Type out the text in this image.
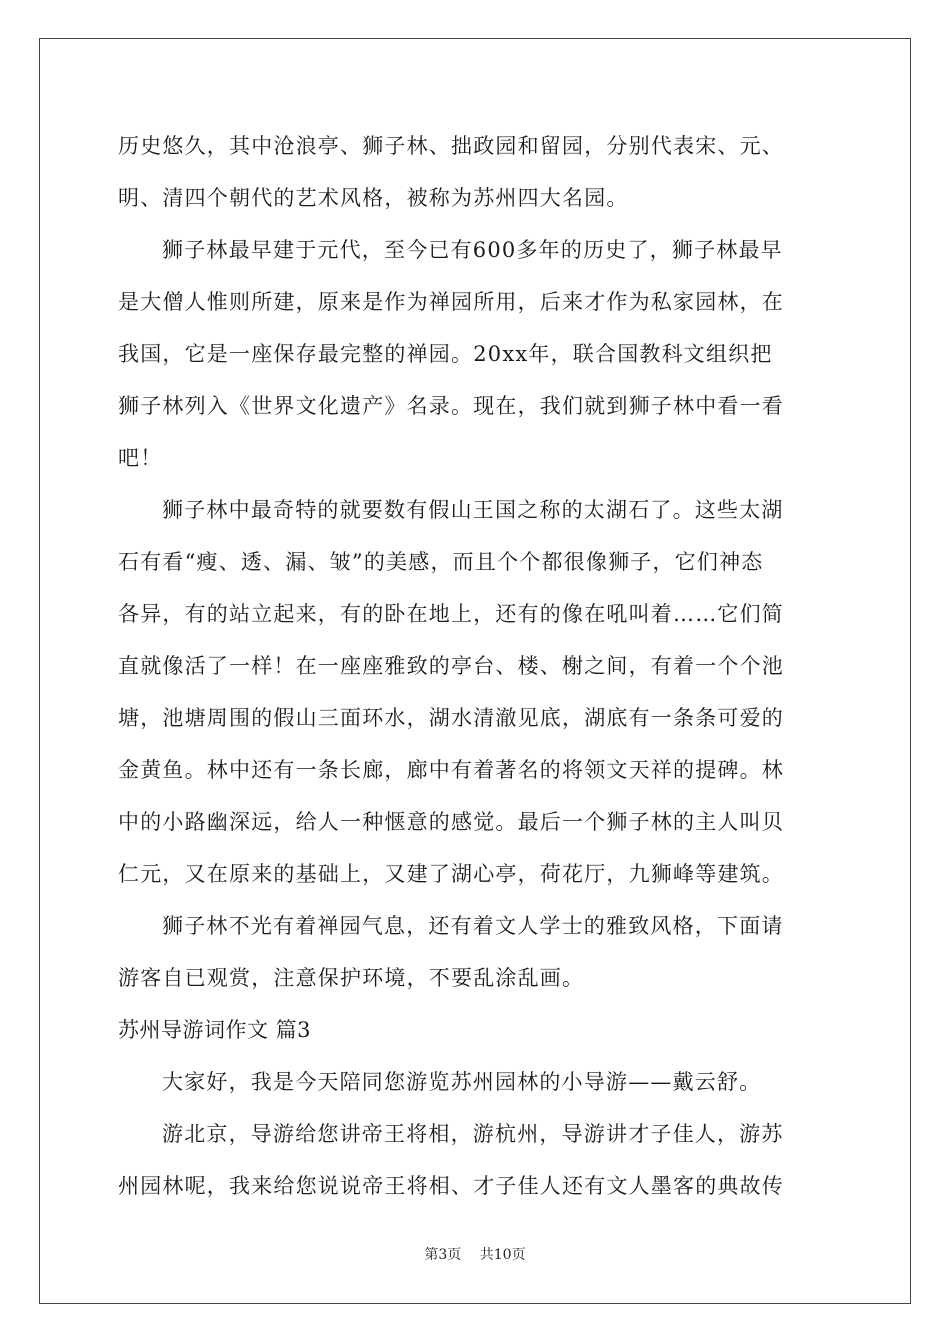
历史悠久，其中沧浪亭、狮子林、拙政园和留园，分别代表宋、元、
明、清四个朝代的艺术风格，被称为苏州四大名园。
狮子林最早建于元代，至今已有600多年的历史了，狮子林最早
是大僧人惟则所建，原来是作为禅园所用，后来才作为私家园林，在
我国，它是一座保存最完整的禅园。20xx年，联合国教科文组织把
狮子林列入《世界文化遗产》名录。现在，我们就到狮子林中看一看
吧！
狮子林中最奇特的就要数有假山王国之称的太湖石了。这些太湖
石有看“瘦、透、漏、皱”的美感，而且个个都很像狮子，它们神态
各异，有的站立起来，有的卧在地上，还有的像在吼叫着……它们简
直就像活了一样！在一座座雅致的亭台、楼、榭之间，有着一个个池
塘，池塘周围的假山三面环水，湖水清澈见底，湖底有一条条可爱的
金黄鱼。林中还有一条长廊，廊中有着著名的将领文天祥的提碑。林
中的小路幽深远，给人一种惬意的感觉。最后一个狮子林的主人叫贝
仁元，又在原来的基础上，又建了湖心亭，荷花厅，九狮峰等建筑。
狮子林不光有着禅园气息，还有着文人学士的雅致风格，下面请
游客自已观赏，注意保护环境，不要乱涂乱画。
苏州导游词作文 篇3
大家好，我是今天陪同您游览苏州园林的小导游——戴云舒。
游北京，导游给您讲帝王将相，游杭州，导游讲才子佳人，游苏
州园林呢，我来给您说说帝王将相、才子佳人还有文人墨客的典故传
第3页 共10页
